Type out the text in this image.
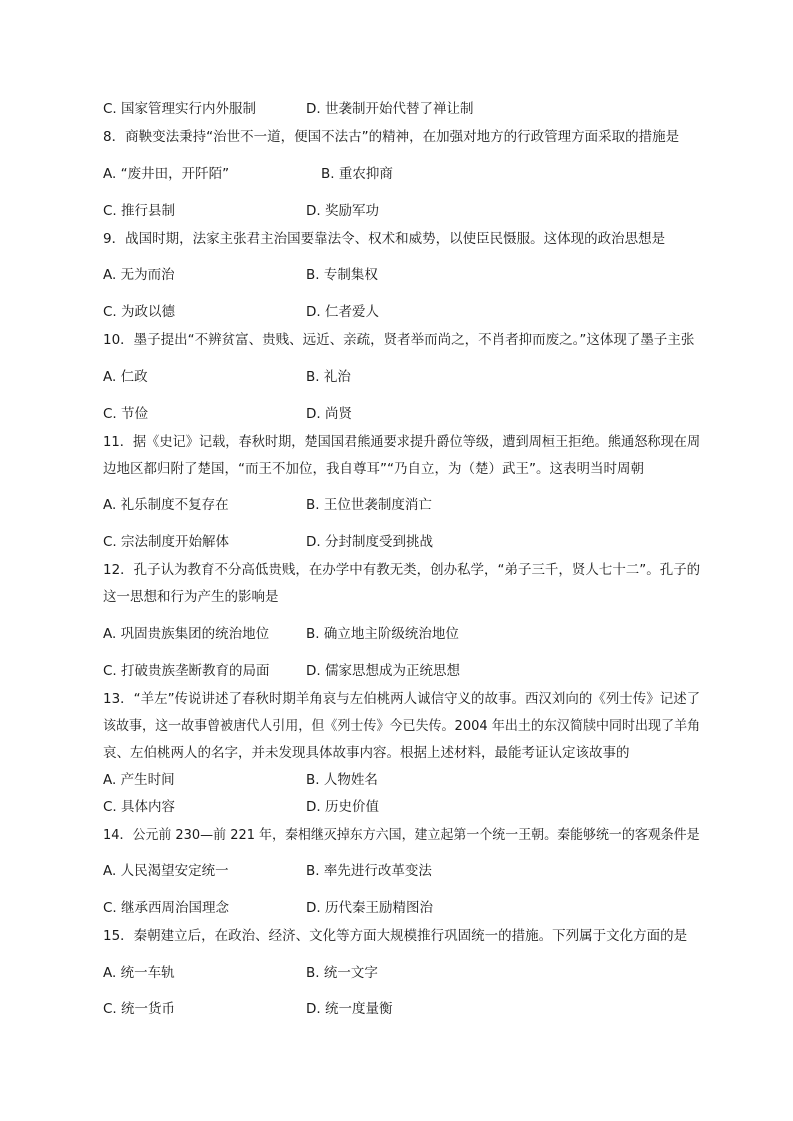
C. 国家管理实行内外服制	D. 世袭制开始代替了禅让制
8．商鞅变法秉持“治世不一道，便国不法古”的精神，在加强对地方的行政管理方面采取的措施是
A. “废井田，开阡陌”	B. 重农抑商
C. 推行县制	D. 奖励军功
9．战国时期，法家主张君主治国要靠法令、权术和威势，以使臣民慑服。这体现的政治思想是
A. 无为而治	B. 专制集权
C. 为政以德	D. 仁者爱人
10．墨子提出“不辨贫富、贵贱、远近、亲疏，贤者举而尚之，不肖者抑而废之。”这体现了墨子主张
A. 仁政	B. 礼治
C. 节俭	D. 尚贤
11．据《史记》记载，春秋时期，楚国国君熊通要求提升爵位等级，遭到周桓王拒绝。熊通怒称现在周
边地区都归附了楚国，“而王不加位，我自尊耳”“乃自立，为（楚）武王”。这表明当时周朝
A. 礼乐制度不复存在	B. 王位世袭制度消亡
C. 宗法制度开始解体	D. 分封制度受到挑战
12．孔子认为教育不分高低贵贱，在办学中有教无类，创办私学，“弟子三千，贤人七十二”。孔子的
这一思想和行为产生的影响是
A. 巩固贵族集团的统治地位	B. 确立地主阶级统治地位
C. 打破贵族垄断教育的局面	D. 儒家思想成为正统思想
13．“羊左”传说讲述了春秋时期羊角哀与左伯桃两人诚信守义的故事。西汉刘向的《列士传》记述了
该故事，这一故事曾被唐代人引用，但《列士传》今已失传。2004 年出土的东汉简牍中同时出现了羊角
哀、左伯桃两人的名字，并未发现具体故事内容。根据上述材料，最能考证认定该故事的
A. 产生时间	B. 人物姓名
C. 具体内容	D. 历史价值
14．公元前 230—前 221 年，秦相继灭掉东方六国，建立起第一个统一王朝。秦能够统一的客观条件是
A. 人民渴望安定统一	B. 率先进行改革变法
C. 继承西周治国理念	D. 历代秦王励精图治
15．秦朝建立后，在政治、经济、文化等方面大规模推行巩固统一的措施。下列属于文化方面的是
A. 统一车轨	B. 统一文字
C. 统一货币	D. 统一度量衡
